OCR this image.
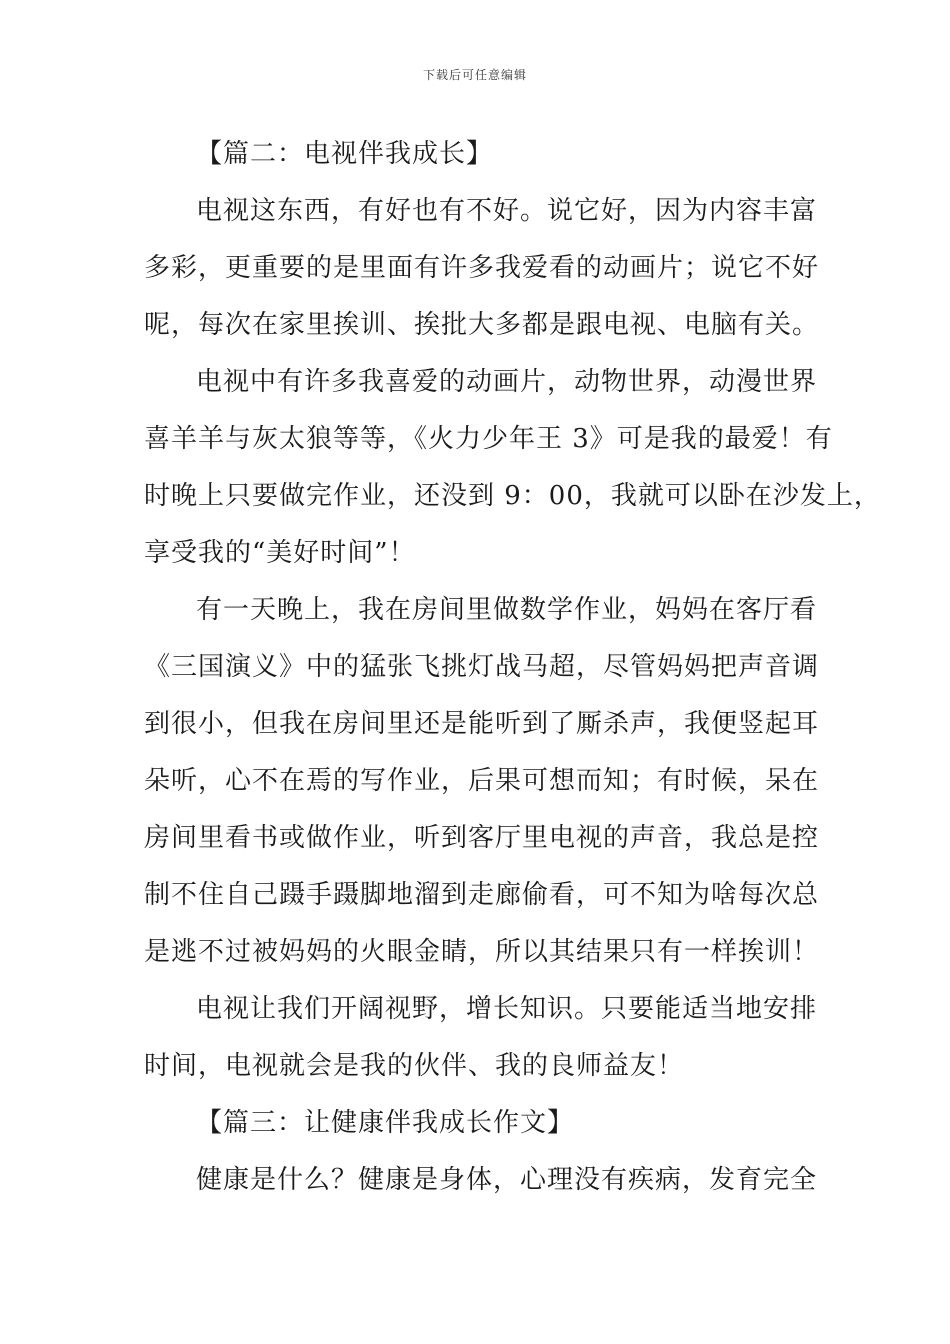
下载后可任意编辑
【篇二：电视伴我成长】
电视这东西，有好也有不好。说它好，因为内容丰富
多彩，更重要的是里面有许多我爱看的动画片；说它不好
呢，每次在家里挨训、挨批大多都是跟电视、电脑有关。
电视中有许多我喜爱的动画片，动物世界，动漫世界
喜羊羊与灰太狼等等，《火力少年王 3》可是我的最爱！有
时晚上只要做完作业，还没到 9：00，我就可以卧在沙发上，
享受我的“美好时间”！
有一天晚上，我在房间里做数学作业，妈妈在客厅看
《三国演义》中的猛张飞挑灯战马超，尽管妈妈把声音调
到很小，但我在房间里还是能听到了厮杀声，我便竖起耳
朵听，心不在焉的写作业，后果可想而知；有时候，呆在
房间里看书或做作业，听到客厅里电视的声音，我总是控
制不住自己蹑手蹑脚地溜到走廊偷看，可不知为啥每次总
是逃不过被妈妈的火眼金睛，所以其结果只有一样挨训！
电视让我们开阔视野，增长知识。只要能适当地安排
时间，电视就会是我的伙伴、我的良师益友！
【篇三：让健康伴我成长作文】
健康是什么？健康是身体，心理没有疾病，发育完全
